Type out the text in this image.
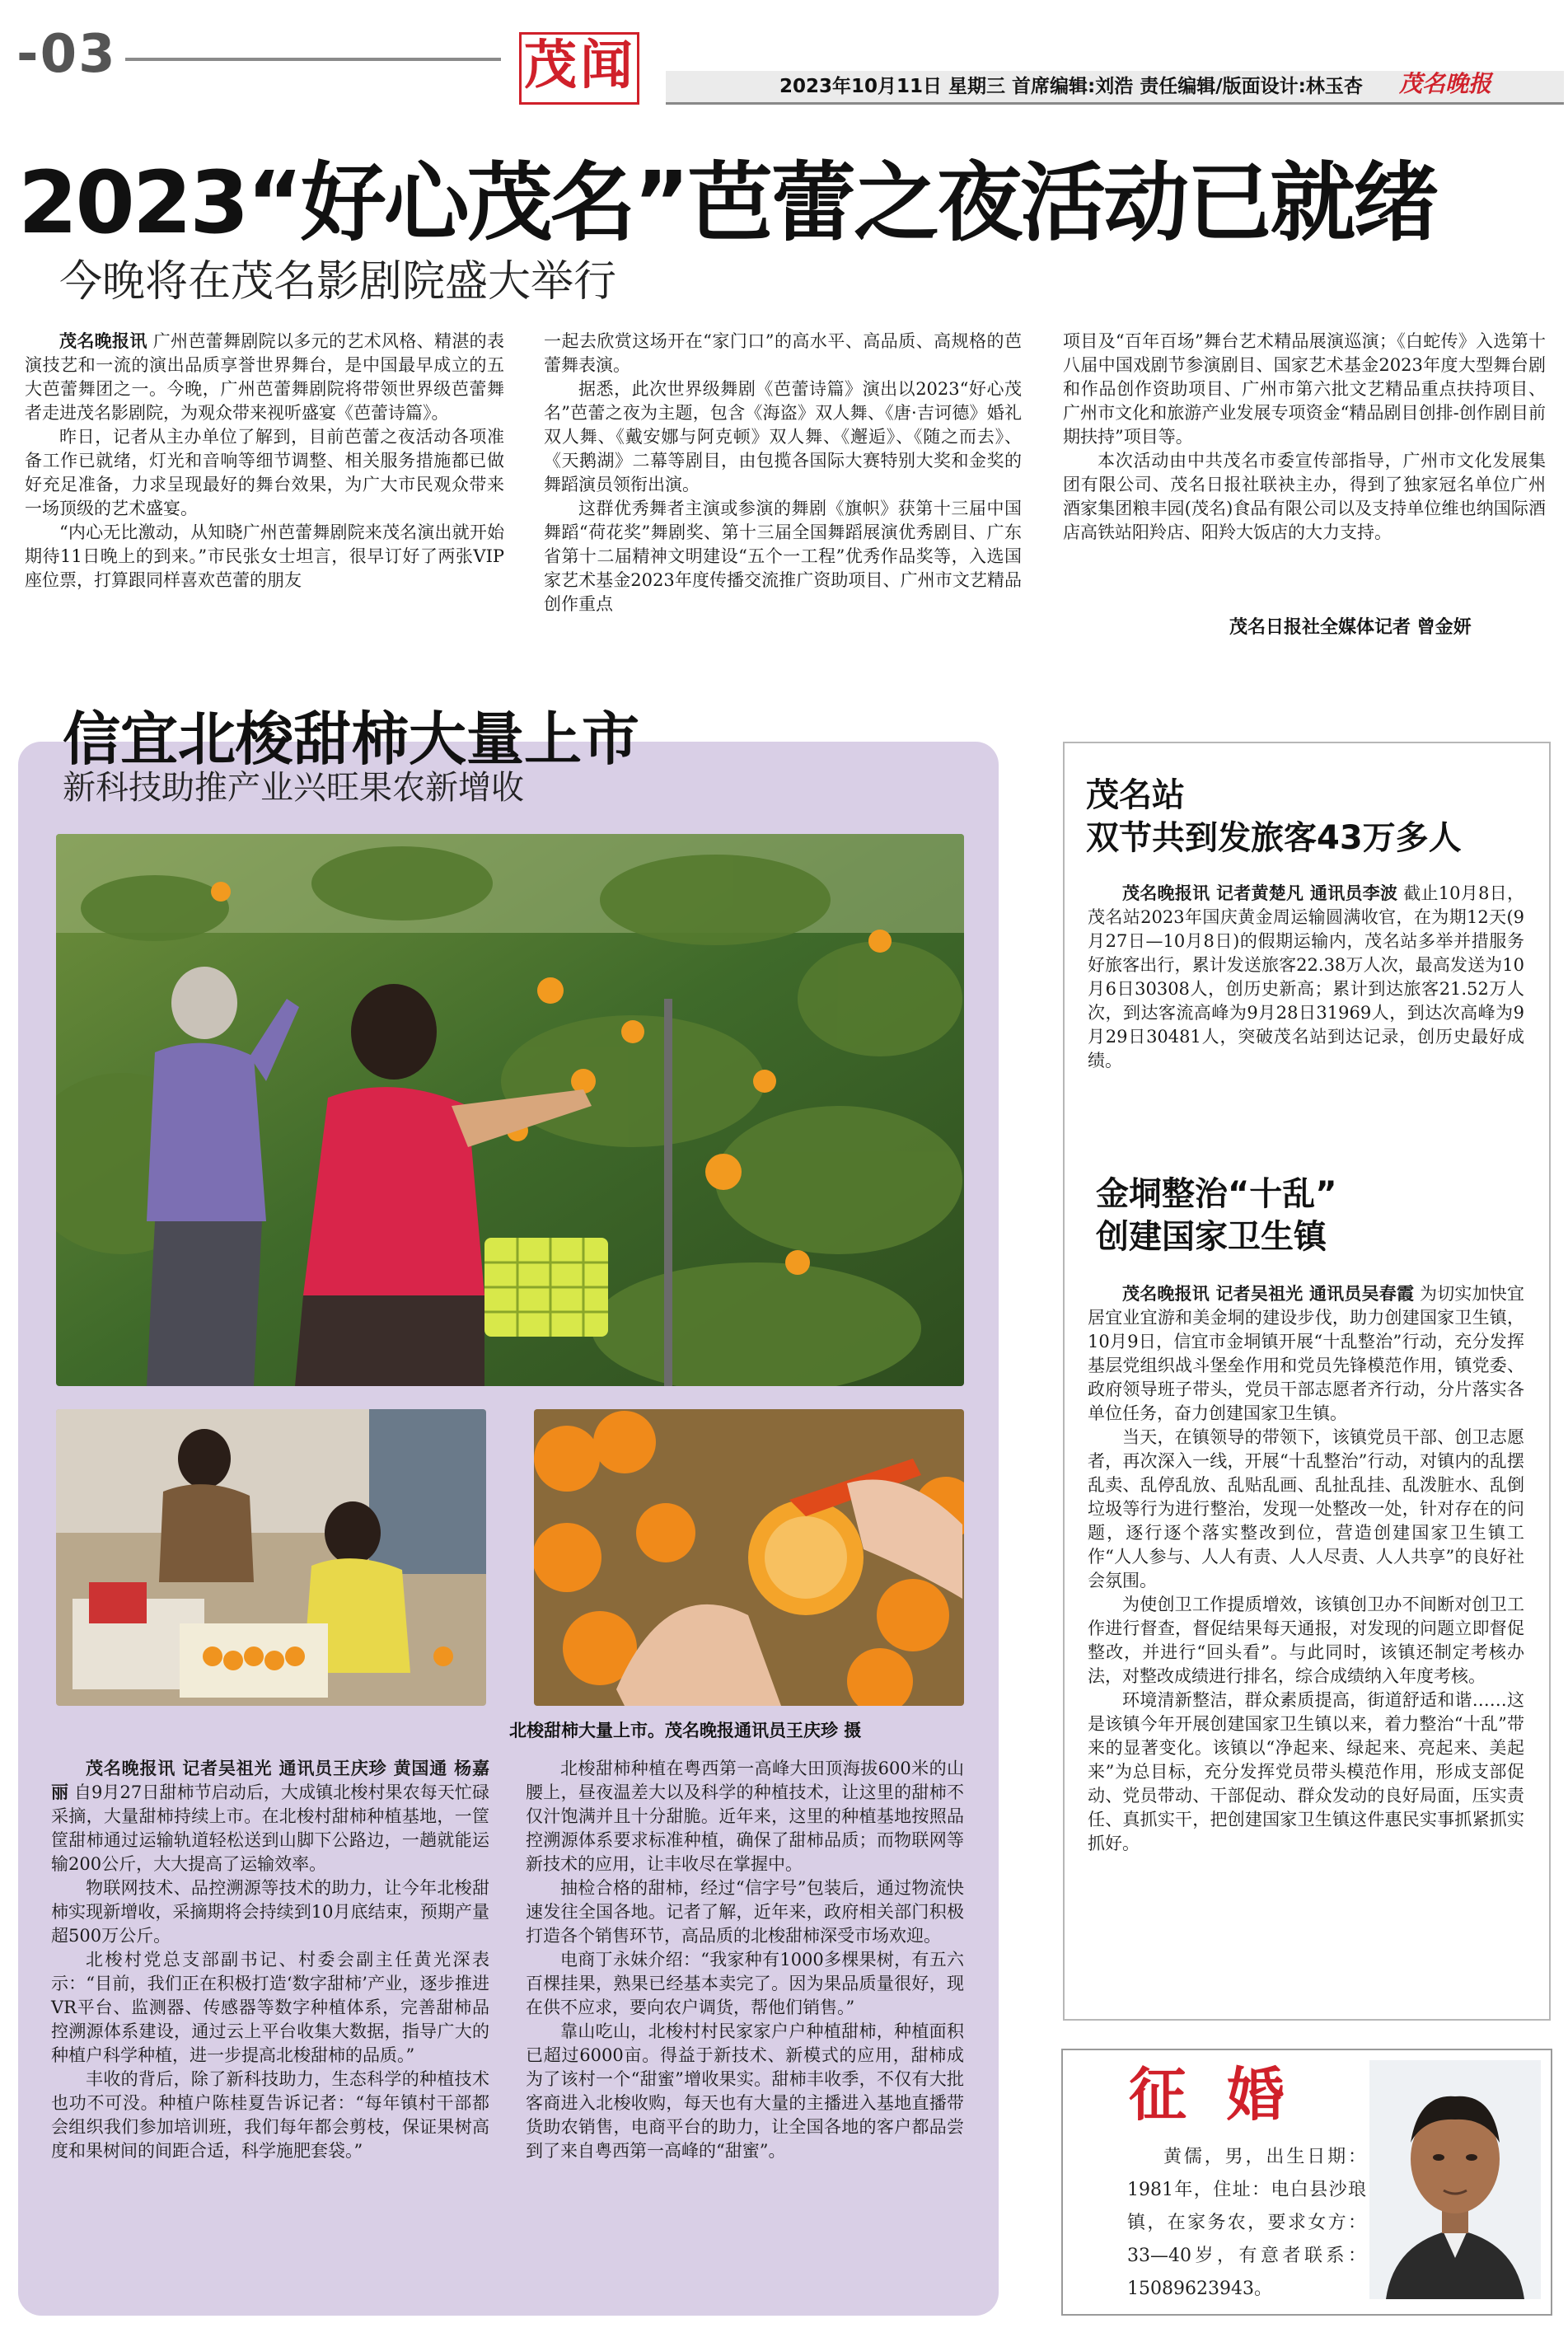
-03	茂闻	2023年10月11日 星期三 首席编辑:刘浩 责任编辑/版面设计:林玉杏 茂名晚报
2023“好心茂名”芭蕾之夜活动已就绪
今晚将在茂名影剧院盛大举行

茂名晚报讯 广州芭蕾舞剧院以多元的艺术风格、精湛的表演技艺和一流的演出品质享誉世界舞台，是中国最早成立的五大芭蕾舞团之一。今晚，广州芭蕾舞剧院将带领世界级芭蕾舞者走进茂名影剧院，为观众带来视听盛宴《芭蕾诗篇》。

昨日，记者从主办单位了解到，目前芭蕾之夜活动各项准备工作已就绪，灯光和音响等细节调整、相关服务措施都已做好充足准备，力求呈现最好的舞台效果，为广大市民观众带来一场顶级的艺术盛宴。

“内心无比激动，从知晓广州芭蕾舞剧院来茂名演出就开始期待11日晚上的到来。”市民张女士坦言，很早订好了两张VIP座位票，打算跟同样喜欢芭蕾的朋友

一起去欣赏这场开在“家门口”的高水平、高品质、高规格的芭蕾舞表演。

据悉，此次世界级舞剧《芭蕾诗篇》演出以2023“好心茂名”芭蕾之夜为主题，包含《海盗》双人舞、《唐·吉诃德》婚礼双人舞、《戴安娜与阿克顿》双人舞、《邂逅》、《随之而去》、《天鹅湖》二幕等剧目，由包揽各国际大赛特别大奖和金奖的舞蹈演员领衔出演。

这群优秀舞者主演或参演的舞剧《旗帜》获第十三届中国舞蹈“荷花奖”舞剧奖、第十三届全国舞蹈展演优秀剧目、广东省第十二届精神文明建设“五个一工程”优秀作品奖等，入选国家艺术基金2023年度传播交流推广资助项目、广州市文艺精品创作重点

项目及“百年百场”舞台艺术精品展演巡演；《白蛇传》入选第十八届中国戏剧节参演剧目、国家艺术基金2023年度大型舞台剧和作品创作资助项目、广州市第六批文艺精品重点扶持项目、广州市文化和旅游产业发展专项资金“精品剧目创排-创作剧目前期扶持”项目等。

本次活动由中共茂名市委宣传部指导，广州市文化发展集团有限公司、茂名日报社联袂主办，得到了独家冠名单位广州酒家集团粮丰园(茂名)食品有限公司以及支持单位维也纳国际酒店高铁站阳羚店、阳羚大饭店的大力支持。

茂名日报社全媒体记者 曾金妍
信宜北梭甜柿大量上市
新科技助推产业兴旺果农新增收
北梭甜柿大量上市。茂名晚报通讯员王庆珍 摄

茂名晚报讯 记者吴祖光 通讯员王庆珍 黄国通 杨嘉丽 自9月27日甜柿节启动后，大成镇北梭村果农每天忙碌采摘，大量甜柿持续上市。在北梭村甜柿种植基地，一筐筐甜柿通过运输轨道轻松送到山脚下公路边，一趟就能运输200公斤，大大提高了运输效率。

物联网技术、品控溯源等技术的助力，让今年北梭甜柿实现新增收，采摘期将会持续到10月底结束，预期产量超500万公斤。

北梭村党总支部副书记、村委会副主任黄光深表示：“目前，我们正在积极打造‘数字甜柿’产业，逐步推进VR平台、监测器、传感器等数字种植体系，完善甜柿品控溯源体系建设，通过云上平台收集大数据，指导广大的种植户科学种植，进一步提高北梭甜柿的品质。”

丰收的背后，除了新科技助力，生态科学的种植技术也功不可没。种植户陈桂夏告诉记者：“每年镇村干部都会组织我们参加培训班，我们每年都会剪枝，保证果树高度和果树间的间距合适，科学施肥套袋。”

北梭甜柿种植在粤西第一高峰大田顶海拔600米的山腰上，昼夜温差大以及科学的种植技术，让这里的甜柿不仅汁饱满并且十分甜脆。近年来，这里的种植基地按照品控溯源体系要求标准种植，确保了甜柿品质；而物联网等新技术的应用，让丰收尽在掌握中。

抽检合格的甜柿，经过“信字号”包装后，通过物流快速发往全国各地。记者了解，近年来，政府相关部门积极打造各个销售环节，高品质的北梭甜柿深受市场欢迎。

电商丁永妹介绍：“我家种有1000多棵果树，有五六百棵挂果，熟果已经基本卖完了。因为果品质量很好，现在供不应求，要向农户调货，帮他们销售。”

靠山吃山，北梭村村民家家户户种植甜柿，种植面积已超过6000亩。得益于新技术、新模式的应用，甜柿成为了该村一个“甜蜜”增收果实。甜柿丰收季，不仅有大批客商进入北梭收购，每天也有大量的主播进入基地直播带货助农销售，电商平台的助力，让全国各地的客户都品尝到了来自粤西第一高峰的“甜蜜”。

茂名站
双节共到发旅客43万多人

茂名晚报讯 记者黄楚凡 通讯员李波 截止10月8日，茂名站2023年国庆黄金周运输圆满收官，在为期12天(9月27日—10月8日)的假期运输内，茂名站多举并措服务好旅客出行，累计发送旅客22.38万人次，最高发送为10月6日30308人，创历史新高；累计到达旅客21.52万人次，到达客流高峰为9月28日31969人，到达次高峰为9月29日30481人，突破茂名站到达记录，创历史最好成绩。

金垌整治“十乱”
创建国家卫生镇

茂名晚报讯 记者吴祖光 通讯员吴春霞 为切实加快宜居宜业宜游和美金垌的建设步伐，助力创建国家卫生镇，10月9日，信宜市金垌镇开展“十乱整治”行动，充分发挥基层党组织战斗堡垒作用和党员先锋模范作用，镇党委、政府领导班子带头，党员干部志愿者齐行动，分片落实各单位任务，奋力创建国家卫生镇。

当天，在镇领导的带领下，该镇党员干部、创卫志愿者，再次深入一线，开展“十乱整治”行动，对镇内的乱摆乱卖、乱停乱放、乱贴乱画、乱扯乱挂、乱泼脏水、乱倒垃圾等行为进行整治，发现一处整改一处，针对存在的问题，逐行逐个落实整改到位，营造创建国家卫生镇工作“人人参与、人人有责、人人尽责、人人共享”的良好社会氛围。

为使创卫工作提质增效，该镇创卫办不间断对创卫工作进行督查，督促结果每天通报，对发现的问题立即督促整改，并进行“回头看”。与此同时，该镇还制定考核办法，对整改成绩进行排名，综合成绩纳入年度考核。

环境清新整洁，群众素质提高，街道舒适和谐……这是该镇今年开展创建国家卫生镇以来，着力整治“十乱”带来的显著变化。该镇以“净起来、绿起来、亮起来、美起来”为总目标，充分发挥党员带头模范作用，形成支部促动、党员带动、干部促动、群众发动的良好局面，压实责任、真抓实干，把创建国家卫生镇这件惠民实事抓紧抓实抓好。

征  婚
黄儒，男，出生日期：1981年，住址：电白县沙琅镇，在家务农，要求女方：33—40岁，有意者联系：15089623943。
